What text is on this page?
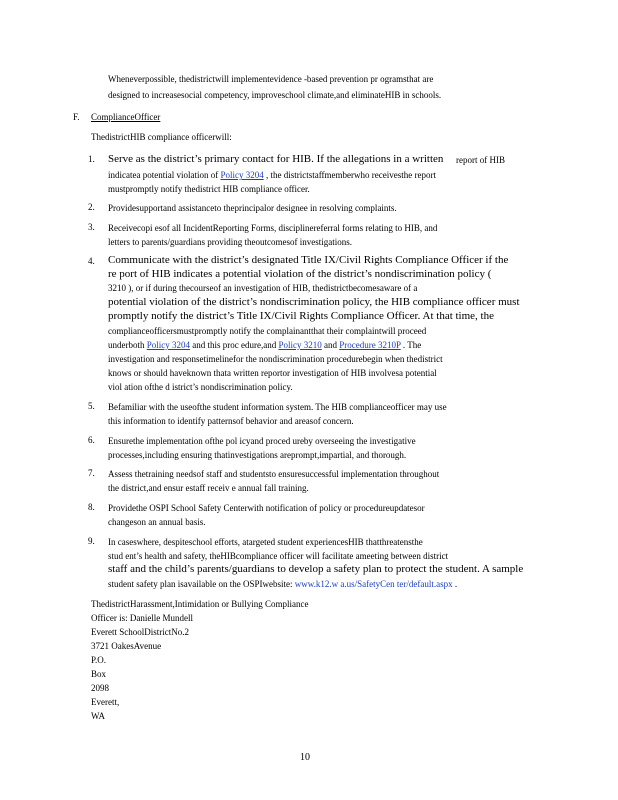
Wheneverpossible, thedistrictwill implementevidence -based prevention pr ogramsthat are
designed to increasesocial competency, improveschool climate,and eliminateHIB in schools.
F. ComplianceOfficer
ThedistrictHIB compliance officerwill:
1. Serve as the district’s primary contact for HIB. If the allegations in a written report of HIB
indicatea potential violation of Policy 3204 , the districtstaffmemberwho receivesthe report
mustpromptly notify thedistrict HIB compliance officer.
2. Providesupportand assistanceto theprincipalor designee in resolving complaints.
3. Receivecopi esof all IncidentReporting Forms, disciplinereferral forms relating to HIB, and
letters to parents/guardians providing theoutcomesof investigations.
4. Communicate with the district’s designated Title IX/Civil Rights Compliance Officer if the
re port of HIB indicates a potential violation of the district’s nondiscrimination policy (
3210 ), or if during thecourseof an investigation of HIB, thedistrictbecomesaware of a
potential violation of the district’s nondiscrimination policy, the HIB compliance officer must
promptly notify the district’s Title IX/Civil Rights Compliance Officer. At that time, the
complianceofficersmustpromptly notify the complainantthat their complaintwill proceed
underboth Policy 3204 and this proc edure,and Policy 3210 and Procedure 3210P . The
investigation and responsetimelinefor the nondiscrimination procedurebegin when thedistrict
knows or should haveknown thata written reportor investigation of HIB involvesa potential
viol ation ofthe d istrict’s nondiscrimination policy.
5. Befamiliar with the useofthe student information system. The HIB complianceofficer may use
this information to identify patternsof behavior and areasof concern.
6. Ensurethe implementation ofthe pol icyand proced ureby overseeing the investigative
processes,including ensuring thatinvestigations areprompt,impartial, and thorough.
7. Assess thetraining needsof staff and studentsto ensuresuccessful implementation throughout
the district,and ensur estaff receiv e annual fall training.
8. Providethe OSPI School Safety Centerwith notification of policy or procedureupdatesor
changeson an annual basis.
9. In caseswhere, despiteschool efforts, atargeted student experiencesHIB thatthreatensthe
stud ent’s health and safety, theHIBcompliance officer will facilitate ameeting between district
staff and the child’s parents/guardians to develop a safety plan to protect the student. A sample
student safety plan isavailable on the OSPIwebsite: www.k12.w a.us/SafetyCen ter/default.aspx .
ThedistrictHarassment,Intimidation or Bullying Compliance
Officer is: Danielle Mundell
Everett SchoolDistrictNo.2
3721 OakesAvenue
P.O.
Box
2098
Everett,
WA
10
